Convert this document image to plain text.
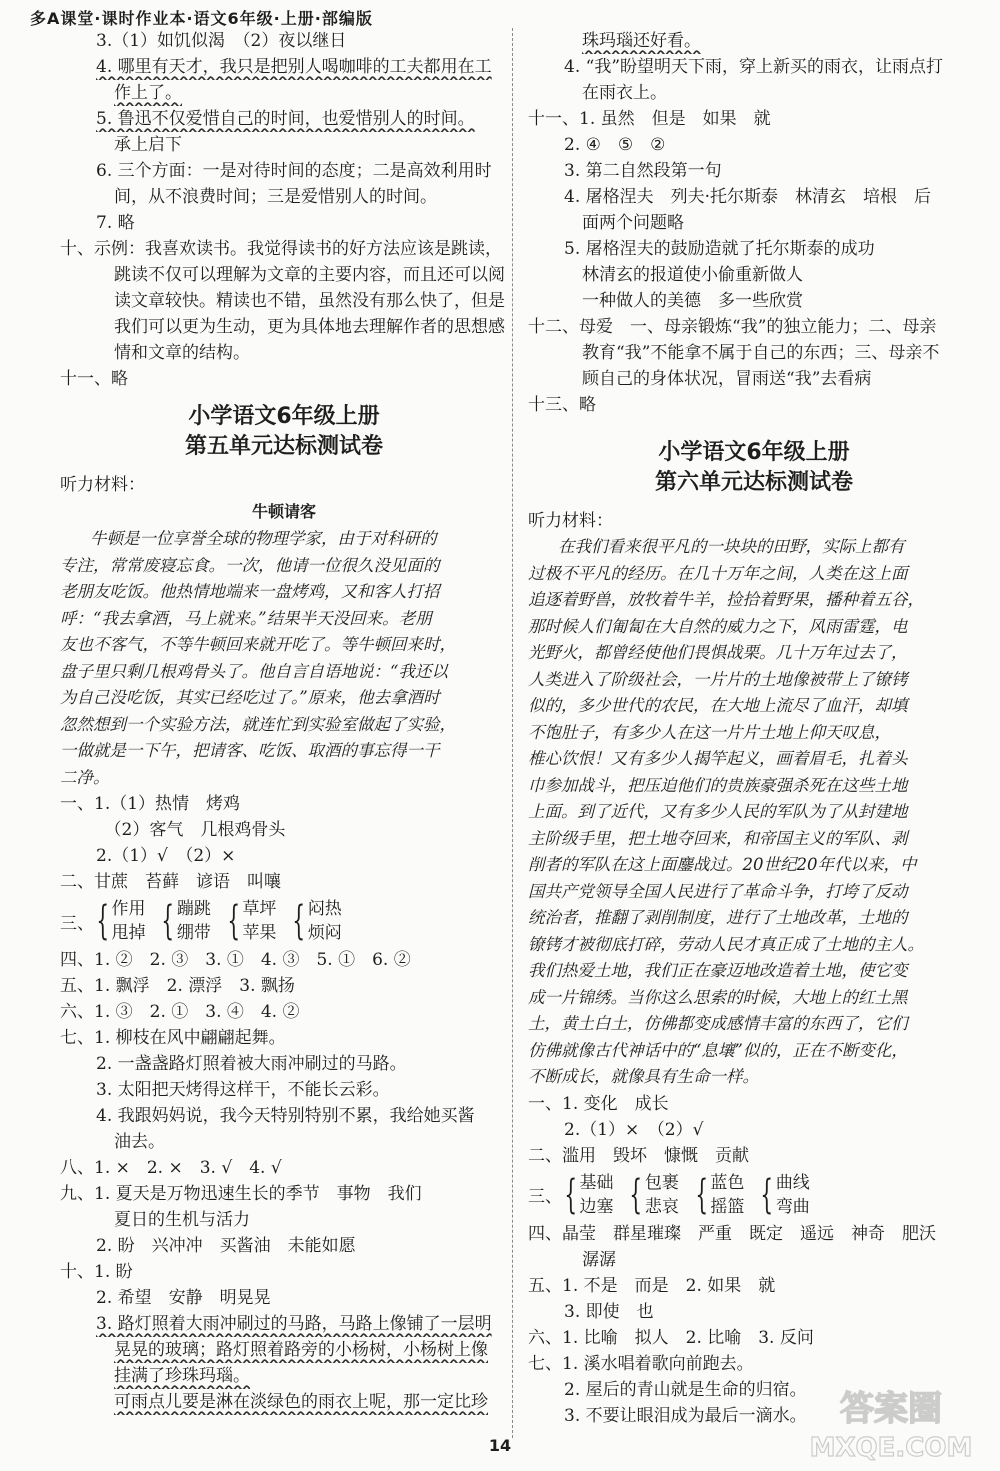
多A课堂·课时作业本·语文6年级·上册·部编版
3.（1）如饥似渴　（2）夜以继日
4. 哪里有天才，我只是把别人喝咖啡的工夫都用在工
作上了。
5. 鲁迅不仅爱惜自己的时间，也爱惜别人的时间。
承上启下
6. 三个方面：一是对待时间的态度；二是高效利用时
间，从不浪费时间；三是爱惜别人的时间。
7. 略
十、示例：我喜欢读书。我觉得读书的好方法应该是跳读，
跳读不仅可以理解为文章的主要内容，而且还可以阅
读文章较快。精读也不错，虽然没有那么快了，但是
我们可以更为生动，更为具体地去理解作者的思想感
情和文章的结构。
十一、略
小学语文6年级上册
第五单元达标测试卷
听力材料：
牛顿请客
牛顿是一位享誉全球的物理学家，由于对科研的
专注，常常废寝忘食。一次，他请一位很久没见面的
老朋友吃饭。他热情地端来一盘烤鸡，又和客人打招
呼：“我去拿酒，马上就来。”结果半天没回来。老朋
友也不客气，不等牛顿回来就开吃了。等牛顿回来时，
盘子里只剩几根鸡骨头了。他自言自语地说：“我还以
为自己没吃饭，其实已经吃过了。”原来，他去拿酒时
忽然想到一个实验方法，就连忙到实验室做起了实验，
一做就是一下午，把请客、吃饭、取酒的事忘得一干
二净。
一、1.（1）热情　烤鸡
　（2）客气　几根鸡骨头
2.（1）√　（2）×
二、甘蔗　苔藓　谚语　叫嚷
三、 { 作用
甩掉 { 蹦跳
绷带 { 草坪
苹果 { 闷热
烦闷
四、1. ②　2. ③　3. ①　4. ③　5. ①　6. ②
五、1. 飘浮　2. 漂浮　3. 飘扬
六、1. ③　2. ①　3. ④　4. ②
七、1. 柳枝在风中翩翩起舞。
2. 一盏盏路灯照着被大雨冲刷过的马路。
3. 太阳把天烤得这样干，不能长云彩。
4. 我跟妈妈说，我今天特别特别不累，我给她买酱
油去。
八、1. ×　2. ×　3. √　4. √
九、1. 夏天是万物迅速生长的季节　事物　我们
夏日的生机与活力
2. 盼　兴冲冲　买酱油　未能如愿
十、1. 盼
2. 希望　安静　明晃晃
3. 路灯照着大雨冲刷过的马路，马路上像铺了一层明
晃晃的玻璃；路灯照着路旁的小杨树，小杨树上像
挂满了珍珠玛瑙。
可雨点儿要是淋在淡绿色的雨衣上呢，那一定比珍
珠玛瑙还好看。
4. “我”盼望明天下雨，穿上新买的雨衣，让雨点打
在雨衣上。
十一、1. 虽然　但是　如果　就
2. ④　⑤　②
3. 第二自然段第一句
4. 屠格涅夫　列夫·托尔斯泰　林清玄　培根　后
面两个问题略
5. 屠格涅夫的鼓励造就了托尔斯泰的成功
林清玄的报道使小偷重新做人
一种做人的美德　多一些欣赏
十二、母爱　一、母亲锻炼“我”的独立能力；二、母亲
教育“我”不能拿不属于自己的东西；三、母亲不
顾自己的身体状况，冒雨送“我”去看病
十三、略
小学语文6年级上册
第六单元达标测试卷
听力材料：
在我们看来很平凡的一块块的田野，实际上都有
过极不平凡的经历。在几十万年之间，人类在这上面
追逐着野兽，放牧着牛羊，捡拾着野果，播种着五谷，
那时候人们匍匐在大自然的威力之下，风雨雷霆，电
光野火，都曾经使他们畏惧战栗。几十万年过去了，
人类进入了阶级社会，一片片的土地像被带上了镣铐
似的，多少世代的农民，在大地上流尽了血汗，却填
不饱肚子，有多少人在这一片片土地上仰天叹息，
椎心饮恨！又有多少人揭竿起义，画着眉毛，扎着头
巾参加战斗，把压迫他们的贵族豪强杀死在这些土地
上面。到了近代，又有多少人民的军队为了从封建地
主阶级手里，把土地夺回来，和帝国主义的军队、剥
削者的军队在这上面鏖战过。20世纪20年代以来，中
国共产党领导全国人民进行了革命斗争，打垮了反动
统治者，推翻了剥削制度，进行了土地改革，土地的
镣铐才被彻底打碎，劳动人民才真正成了土地的主人。
我们热爱土地，我们正在豪迈地改造着土地，使它变
成一片锦绣。当你这么思索的时候，大地上的红土黑
土，黄土白土，仿佛都变成感情丰富的东西了，它们
仿佛就像古代神话中的“息壤”似的，正在不断变化，
不断成长，就像具有生命一样。
一、1. 变化　成长
2.（1）×　（2）√
二、滥用　毁坏　慷慨　贡献
三、 { 基础
边塞 { 包裹
悲哀 { 蓝色
摇篮 { 曲线
弯曲
四、晶莹　群星璀璨　严重　既定　遥远　神奇　肥沃
潺潺
五、1. 不是　而是　2. 如果　就
3. 即使　也
六、1. 比喻　拟人　2. 比喻　3. 反问
七、1. 溪水唱着歌向前跑去。
2. 屋后的青山就是生命的归宿。
3. 不要让眼泪成为最后一滴水。
14
答案圈
MXQE.COM
